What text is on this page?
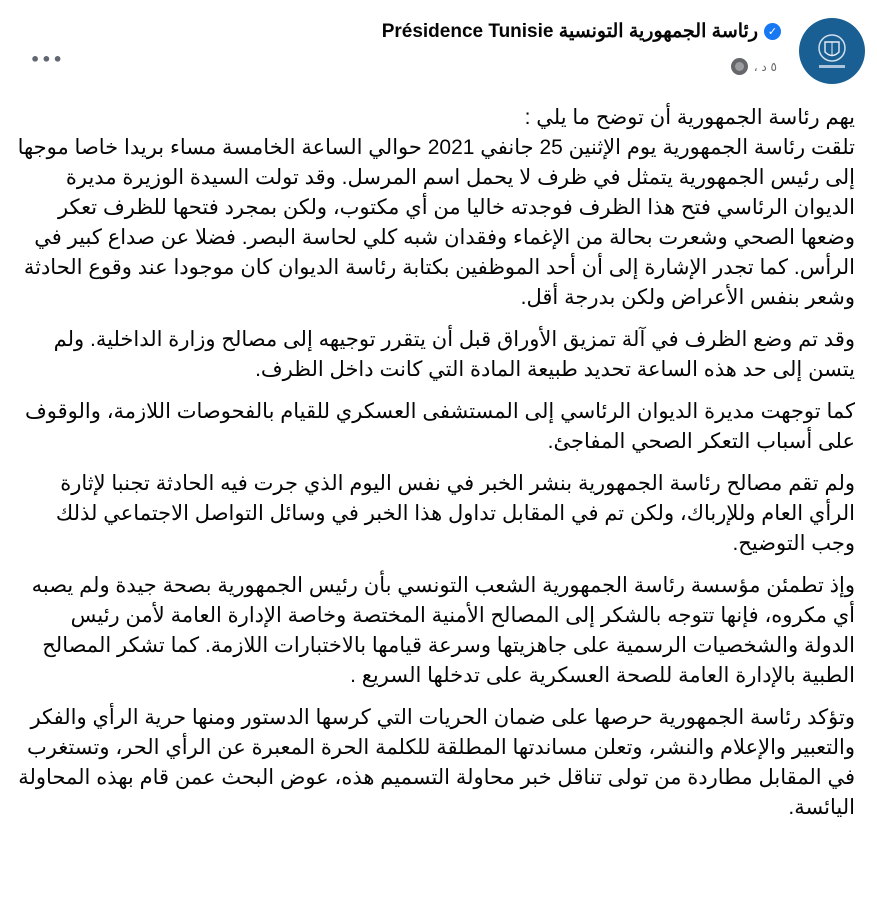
✓
رئاسة الجمهورية التونسية Présidence Tunisie
٥ د ،
•••

يهم رئاسة الجمهورية أن توضح ما يلي :

تلقت رئاسة الجمهورية يوم الإثنين 25 جانفي 2021 حوالي الساعة الخامسة مساء بريدا خاصا موجها إلى رئيس الجمهورية يتمثل في ظرف لا يحمل اسم المرسل. وقد تولت السيدة الوزيرة مديرة الديوان الرئاسي فتح هذا الظرف فوجدته خاليا من أي مكتوب، ولكن بمجرد فتحها للظرف تعكر وضعها الصحي وشعرت بحالة من الإغماء وفقدان شبه كلي لحاسة البصر. فضلا عن صداع كبير في الرأس. كما تجدر الإشارة إلى أن أحد الموظفين بكتابة رئاسة الديوان كان موجودا عند وقوع الحادثة وشعر بنفس الأعراض ولكن بدرجة أقل.

وقد تم وضع الظرف في آلة تمزيق الأوراق قبل أن يتقرر توجيهه إلى مصالح وزارة الداخلية. ولم يتسن إلى حد هذه الساعة تحديد طبيعة المادة التي كانت داخل الظرف.

كما توجهت مديرة الديوان الرئاسي إلى المستشفى العسكري للقيام بالفحوصات اللازمة، والوقوف على أسباب التعكر الصحي المفاجئ.

ولم تقم مصالح رئاسة الجمهورية بنشر الخبر في نفس اليوم الذي جرت فيه الحادثة تجنبا لإثارة الرأي العام وللإرباك، ولكن تم في المقابل تداول هذا الخبر في وسائل التواصل الاجتماعي لذلك وجب التوضيح.

وإذ تطمئن مؤسسة رئاسة الجمهورية الشعب التونسي بأن رئيس الجمهورية بصحة جيدة ولم يصبه أي مكروه، فإنها تتوجه بالشكر إلى المصالح الأمنية المختصة وخاصة الإدارة العامة لأمن رئيس الدولة والشخصيات الرسمية على جاهزيتها وسرعة قيامها بالاختبارات اللازمة. كما تشكر المصالح الطبية بالإدارة العامة للصحة العسكرية على تدخلها السريع .

وتؤكد رئاسة الجمهورية حرصها على ضمان الحريات التي كرسها الدستور ومنها حرية الرأي والفكر والتعبير والإعلام والنشر، وتعلن مساندتها المطلقة للكلمة الحرة المعبرة عن الرأي الحر، وتستغرب في المقابل مطاردة من تولى تناقل خبر محاولة التسميم هذه، عوض البحث عمن قام بهذه المحاولة اليائسة.
